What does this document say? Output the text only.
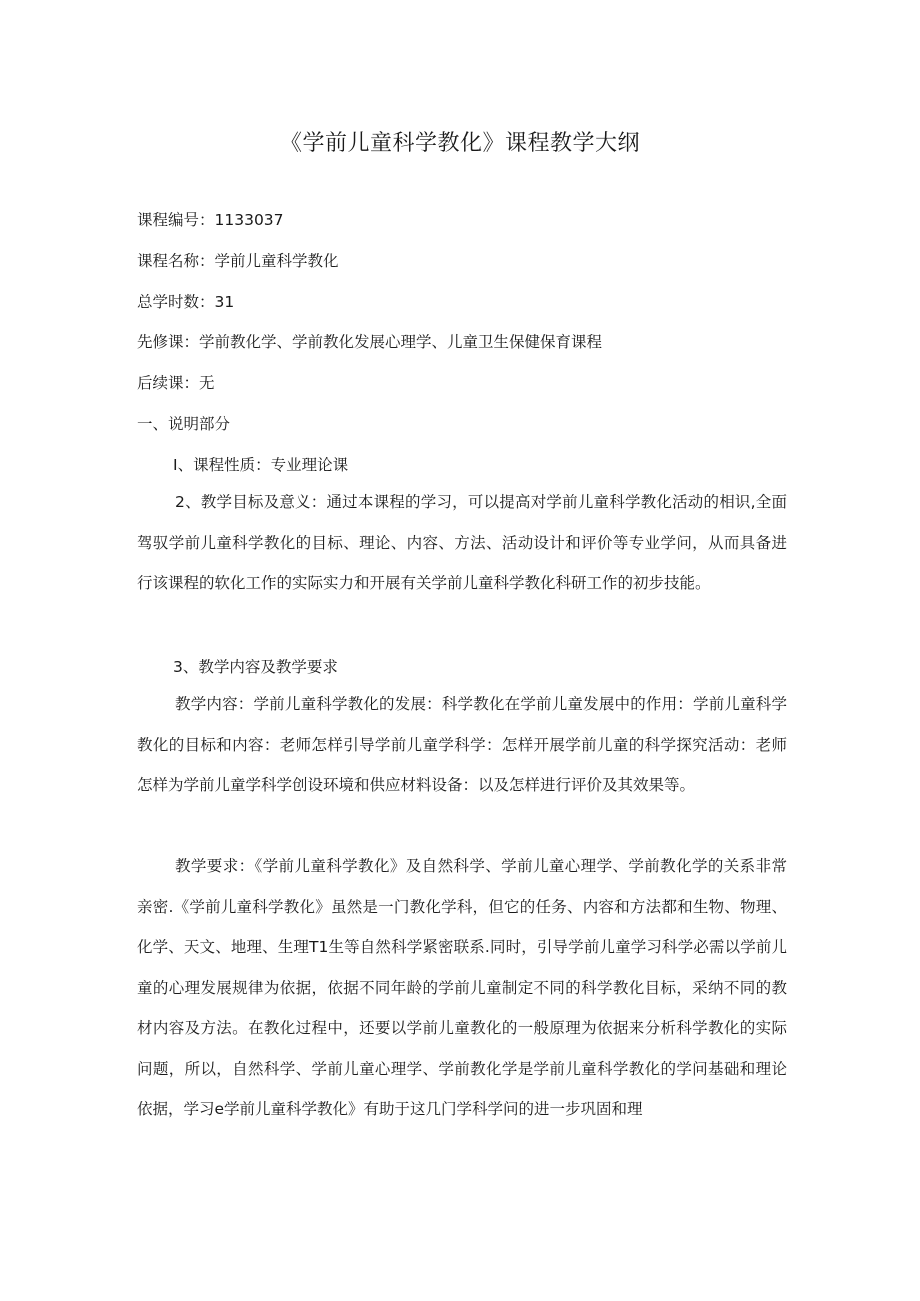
《学前儿童科学教化》课程教学大纲
课程编号：1133037
课程名称：学前儿童科学教化
总学时数：31
先修课：学前教化学、学前教化发展心理学、儿童卫生保健保育课程
后续课：无
一、说明部分
I、课程性质：专业理论课
2、教学目标及意义：通过本课程的学习，可以提高对学前儿童科学教化活动的相识,全面驾驭学前儿童科学教化的目标、理论、内容、方法、活动设计和评价等专业学问，从而具备进行该课程的软化工作的实际实力和开展有关学前儿童科学教化科研工作的初步技能。
3、教学内容及教学要求
教学内容：学前儿童科学教化的发展：科学教化在学前儿童发展中的作用：学前儿童科学教化的目标和内容：老师怎样引导学前儿童学科学：怎样开展学前儿童的科学探究活动：老师怎样为学前儿童学科学创设环境和供应材料设备：以及怎样进行评价及其效果等。
教学要求：《学前儿童科学教化》及自然科学、学前儿童心理学、学前教化学的关系非常亲密.《学前儿童科学教化》虽然是一门教化学科，但它的任务、内容和方法都和生物、物理、化学、天文、地理、生理T1生等自然科学紧密联系.同时，引导学前儿童学习科学必需以学前儿童的心理发展规律为依据，依据不同年龄的学前儿童制定不同的科学教化目标，采纳不同的教材内容及方法。在教化过程中，还要以学前儿童教化的一般原理为依据来分析科学教化的实际问题，所以，自然科学、学前儿童心理学、学前教化学是学前儿童科学教化的学问基础和理论依据，学习e学前儿童科学教化》有助于这几门学科学问的进一步巩固和理
